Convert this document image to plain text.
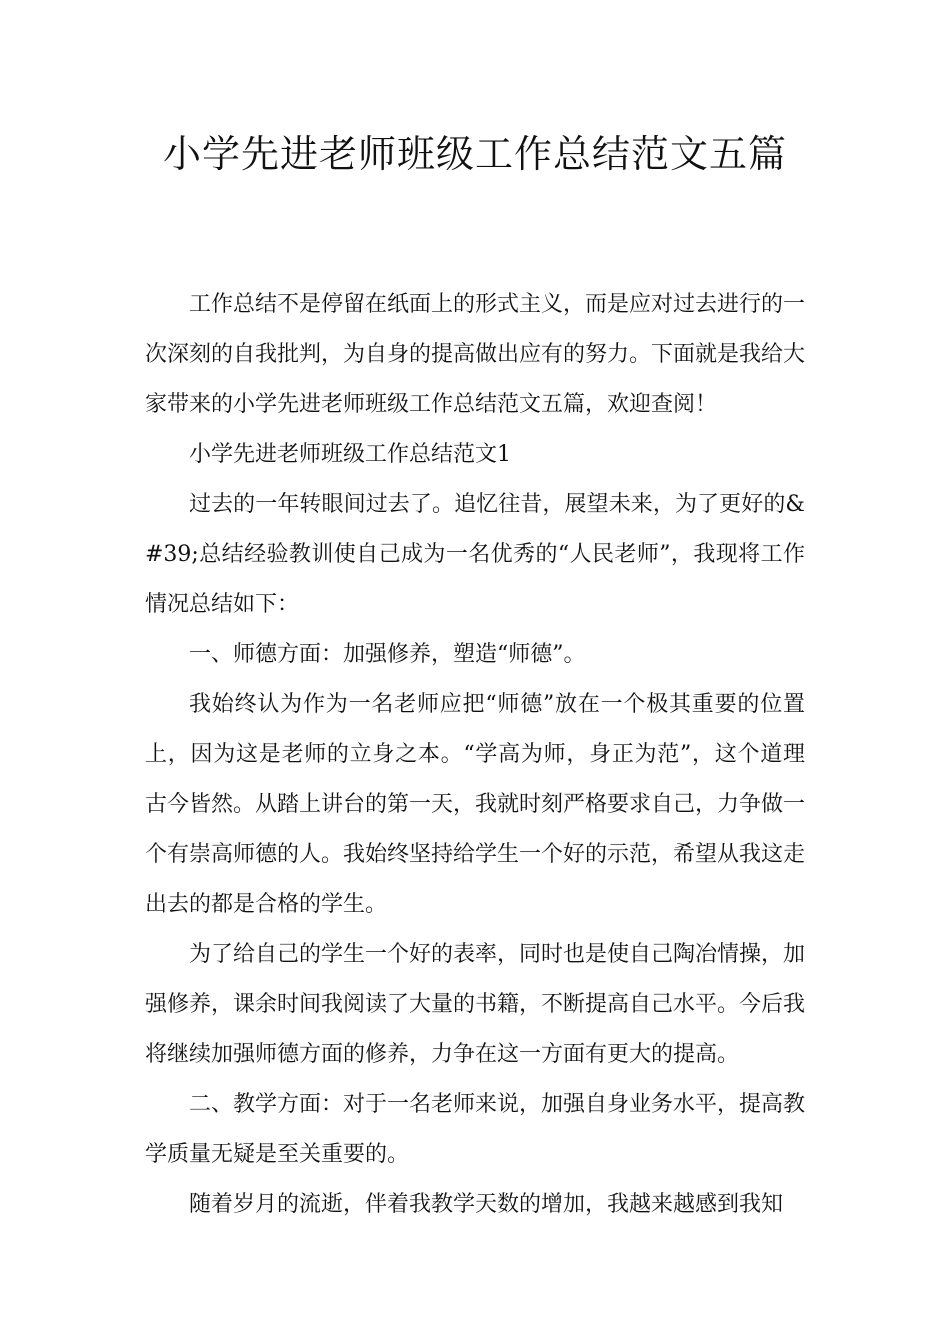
小学先进老师班级工作总结范文五篇

工作总结不是停留在纸面上的形式主义，而是应对过去进行的一次深刻的自我批判，为自身的提高做出应有的努力。下面就是我给大家带来的小学先进老师班级工作总结范文五篇，欢迎查阅！

小学先进老师班级工作总结范文1

过去的一年转眼间过去了。追忆往昔，展望未来，为了更好的&#39;总结经验教训使自己成为一名优秀的“人民老师”，我现将工作情况总结如下：

一、师德方面：加强修养，塑造“师德”。

我始终认为作为一名老师应把“师德”放在一个极其重要的位置上，因为这是老师的立身之本。“学高为师，身正为范”，这个道理古今皆然。从踏上讲台的第一天，我就时刻严格要求自己，力争做一个有崇高师德的人。我始终坚持给学生一个好的示范，希望从我这走出去的都是合格的学生。

为了给自己的学生一个好的表率，同时也是使自己陶冶情操，加强修养，课余时间我阅读了大量的书籍，不断提高自己水平。今后我将继续加强师德方面的修养，力争在这一方面有更大的提高。

二、教学方面：对于一名老师来说，加强自身业务水平，提高教学质量无疑是至关重要的。

随着岁月的流逝，伴着我教学天数的增加，我越来越感到我知
